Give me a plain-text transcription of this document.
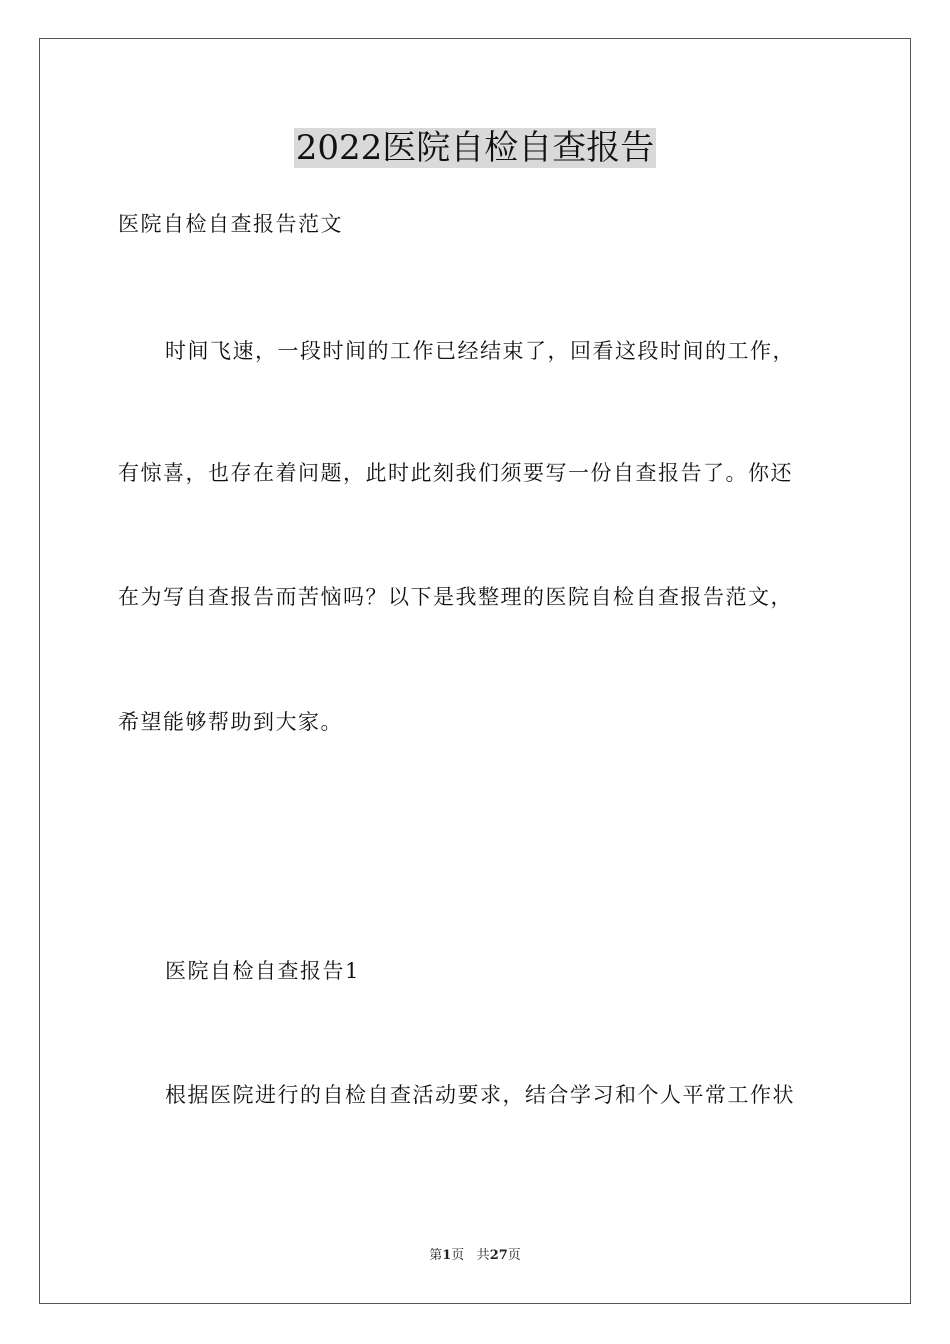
2022医院自检自查报告
医院自检自查报告范文
时间飞速，一段时间的工作已经结束了，回看这段时间的工作，
有惊喜，也存在着问题，此时此刻我们须要写一份自查报告了。你还
在为写自查报告而苦恼吗？以下是我整理的医院自检自查报告范文，
希望能够帮助到大家。
医院自检自查报告1
根据医院进行的自检自查活动要求，结合学习和个人平常工作状
第1页 共27页
